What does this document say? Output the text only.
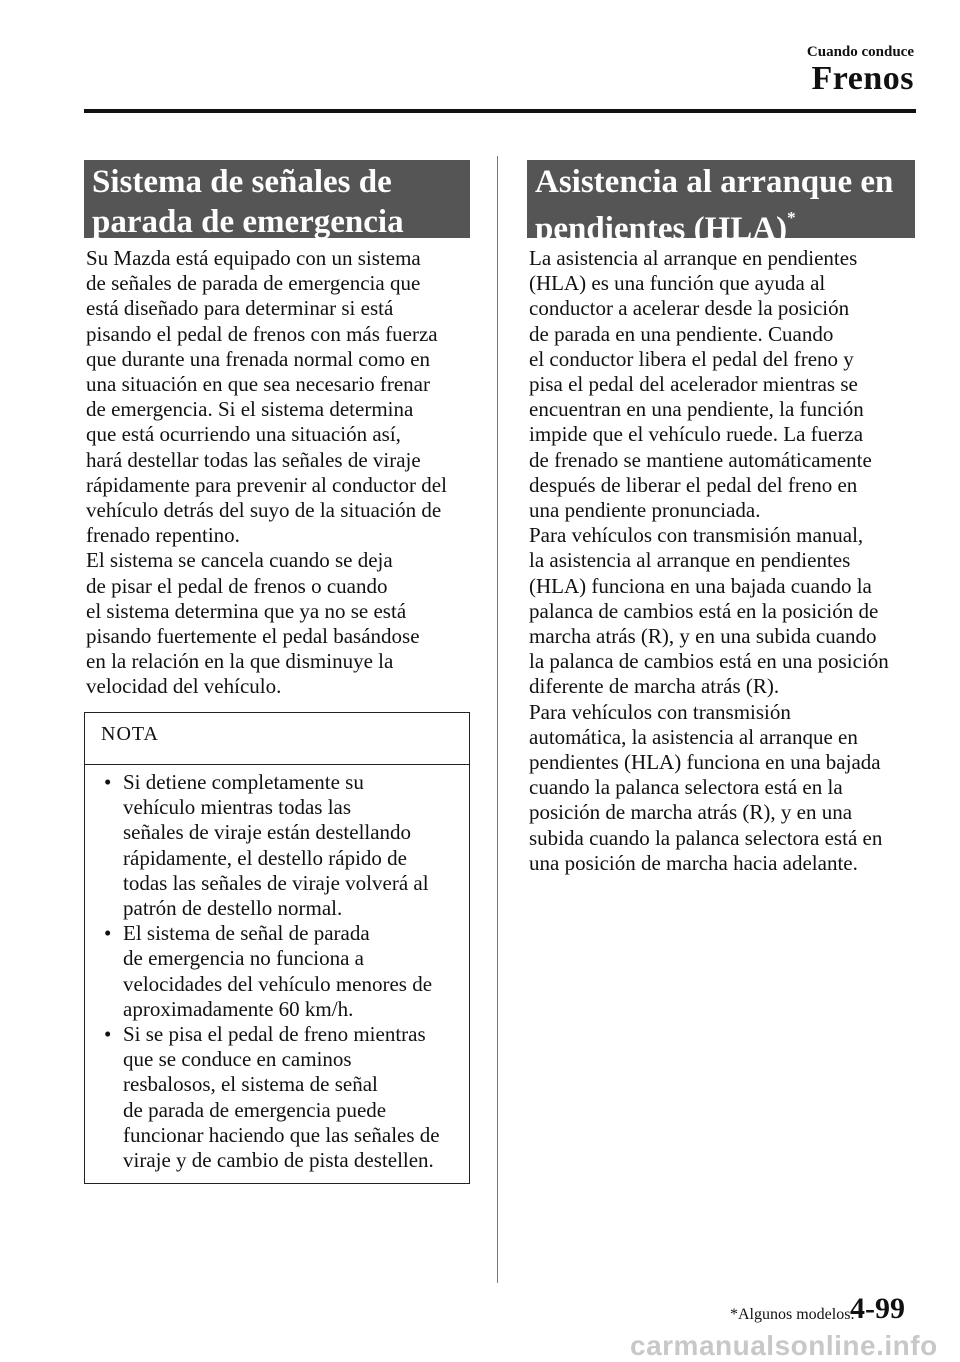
Cuando conduce
Frenos
Sistema de señales de
parada de emergencia

Su Mazda está equipado con un sistema
de señales de parada de emergencia que
está diseñado para determinar si está
pisando el pedal de frenos con más fuerza
que durante una frenada normal como en
una situación en que sea necesario frenar
de emergencia. Si el sistema determina
que está ocurriendo una situación así,
hará destellar todas las señales de viraje
rápidamente para prevenir al conductor del
vehículo detrás del suyo de la situación de
frenado repentino.

El sistema se cancela cuando se deja
de pisar el pedal de frenos o cuando
el sistema determina que ya no se está
pisando fuertemente el pedal basándose
en la relación en la que disminuye la
velocidad del vehículo.

NOTA
• Si detiene completamente su
vehículo mientras todas las
señales de viraje están destellando
rápidamente, el destello rápido de
todas las señales de viraje volverá al
patrón de destello normal.
• El sistema de señal de parada
de emergencia no funciona a
velocidades del vehículo menores de
aproximadamente 60 km/h.
• Si se pisa el pedal de freno mientras
que se conduce en caminos
resbalosos, el sistema de señal
de parada de emergencia puede
funcionar haciendo que las señales de
viraje y de cambio de pista destellen.
Asistencia al arranque en
pendientes (HLA)*

La asistencia al arranque en pendientes
(HLA) es una función que ayuda al
conductor a acelerar desde la posición
de parada en una pendiente. Cuando
el conductor libera el pedal del freno y
pisa el pedal del acelerador mientras se
encuentran en una pendiente, la función
impide que el vehículo ruede. La fuerza
de frenado se mantiene automáticamente
después de liberar el pedal del freno en
una pendiente pronunciada.

Para vehículos con transmisión manual,
la asistencia al arranque en pendientes
(HLA) funciona en una bajada cuando la
palanca de cambios está en la posición de
marcha atrás (R), y en una subida cuando
la palanca de cambios está en una posición
diferente de marcha atrás (R).

Para vehículos con transmisión
automática, la asistencia al arranque en
pendientes (HLA) funciona en una bajada
cuando la palanca selectora está en la
posición de marcha atrás (R), y en una
subida cuando la palanca selectora está en
una posición de marcha hacia adelante.

*Algunos modelos.
4-99
carmanualsonline.info
